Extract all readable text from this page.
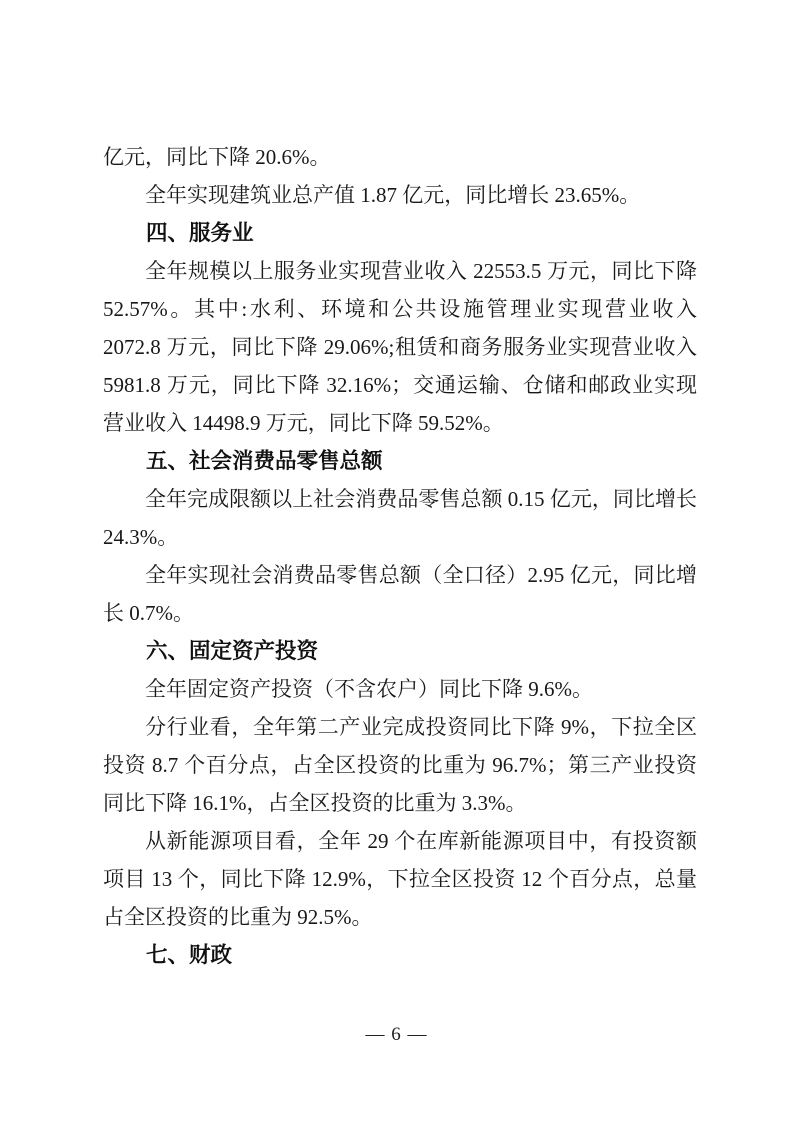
亿元，同比下降 20.6%。

全年实现建筑业总产值 1.87 亿元，同比增长 23.65%。

四、服务业

全年规模以上服务业实现营业收入 22553.5 万元，同比下降 52.57%。其中:水利、环境和公共设施管理业实现营业收入 2072.8 万元，同比下降 29.06%;租赁和商务服务业实现营业收入 5981.8 万元，同比下降 32.16%；交通运输、仓储和邮政业实现营业收入 14498.9 万元，同比下降 59.52%。

五、社会消费品零售总额

全年完成限额以上社会消费品零售总额 0.15 亿元，同比增长 24.3%。

全年实现社会消费品零售总额（全口径）2.95 亿元，同比增长 0.7%。

六、固定资产投资

全年固定资产投资（不含农户）同比下降 9.6%。

分行业看，全年第二产业完成投资同比下降 9%，下拉全区投资 8.7 个百分点，占全区投资的比重为 96.7%；第三产业投资同比下降 16.1%，占全区投资的比重为 3.3%。

从新能源项目看，全年 29 个在库新能源项目中，有投资额项目 13 个，同比下降 12.9%，下拉全区投资 12 个百分点，总量占全区投资的比重为 92.5%。

七、财政
— 6 —
